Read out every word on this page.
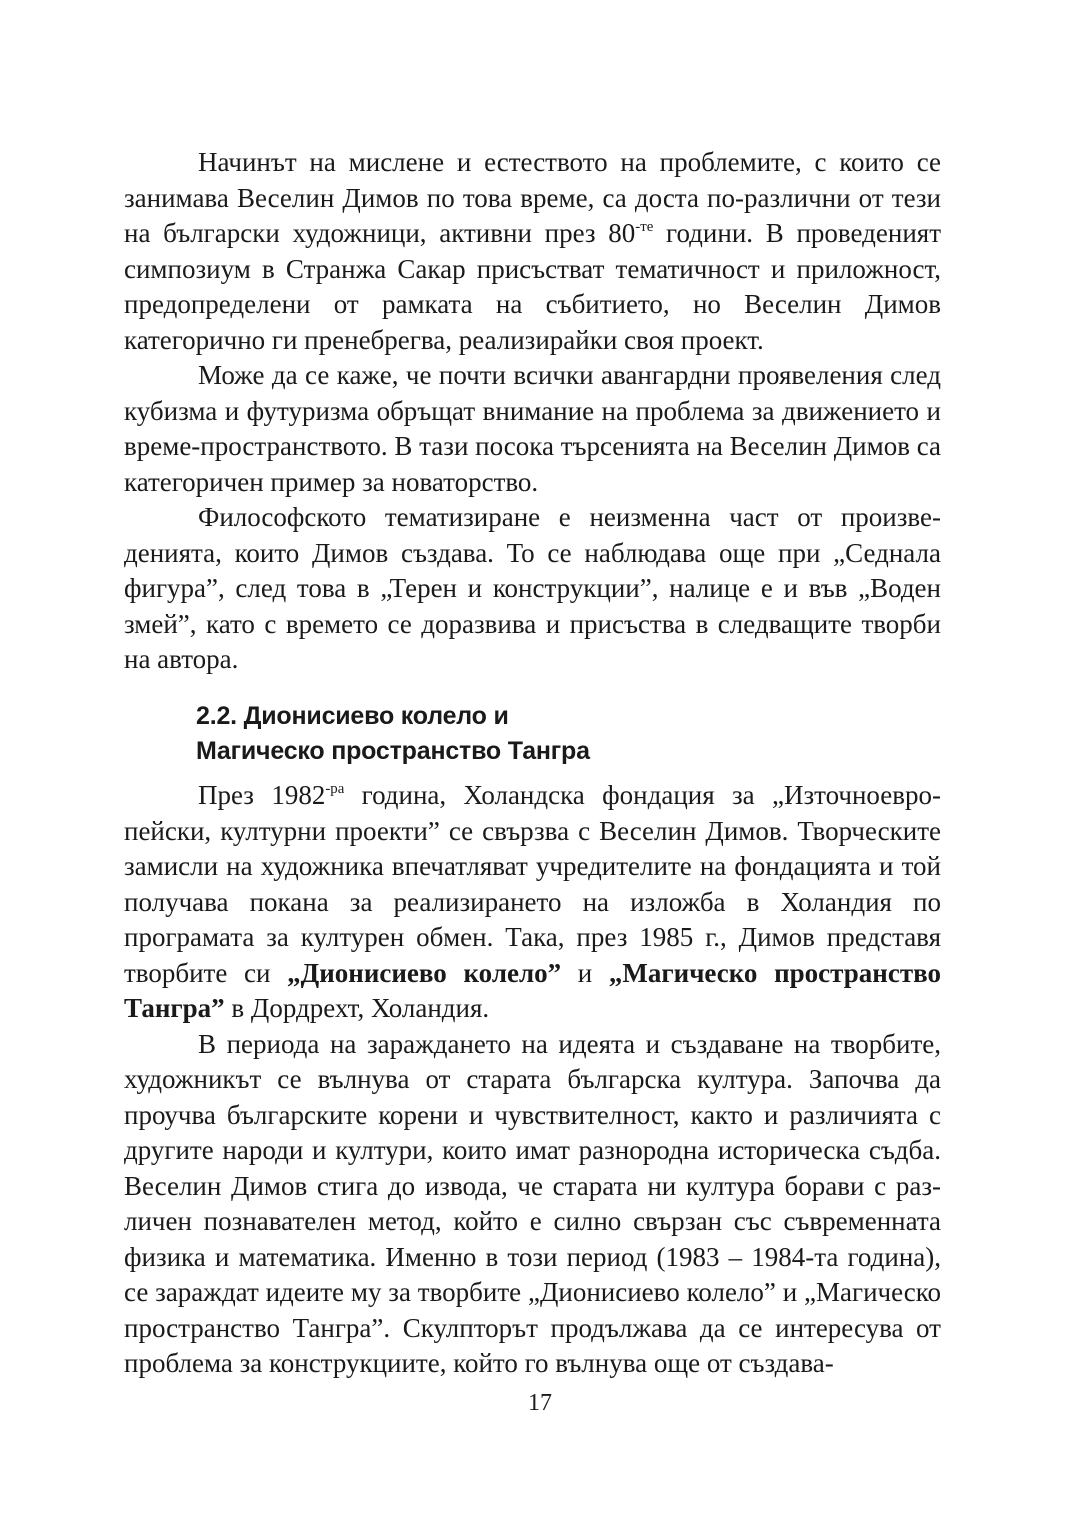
Начинът на мислене и естеството на проблемите, с които се занимава Веселин Димов по това време, са доста по-различни от тези на български художници, активни през $80^{-те}$ години. В проведеният симпозиум в Странжа Сакар присъстват тематичност и приложност, предопределени от рамката на събитието, но Веселин Димов категорично ги пренебрегва, реализирайки своя проект.

Може да се каже, че почти всички авангардни проявеления след кубизма и футуризма обръщат внимание на проблема за движението и време-пространството. В тази посока търсенията на Веселин Димов са категоричен пример за новаторство.

Философското тематизиране е неизменна част от произведенията, които Димов създава. То се наблюдава още при „Седнала фигура”, след това в „Терен и конструкции”, налице е и във „Воден змей”, като с времето се доразвива и присъства в следващите творби на автора.

2.2. Дионисиево колело и
Магическо пространство Тангра

През $1982^{-ра}$ година, Холандска фондация за „Източноевропейски, културни проекти” се свързва с Веселин Димов. Творческите замисли на художника впечатляват учредителите на фондацията и той получава покана за реализирането на изложба в Холандия по програмата за културен обмен. Така, през 1985 г., Димов представя творбите си „Дионисиево колело” и „Магическо пространство Тангра” в Дордрехт, Холандия.

В периода на зараждането на идеята и създаване на творбите, художникът се вълнува от старата българска култура. Започва да проучва българските корени и чувствителност, както и различията с другите народи и култури, които имат разнородна историческа съдба. Веселин Димов стига до извода, че старата ни култура борави с различен познавателен метод, който е силно свързан със съвременната физика и математика. Именно в този период (1983 – 1984-та година), се зараждат идеите му за творбите „Дионисиево колело” и „Магическо пространство Тангра”. Скулпторът продължава да се интересува от проблема за конструкциите, който го вълнува още от създава-

17
